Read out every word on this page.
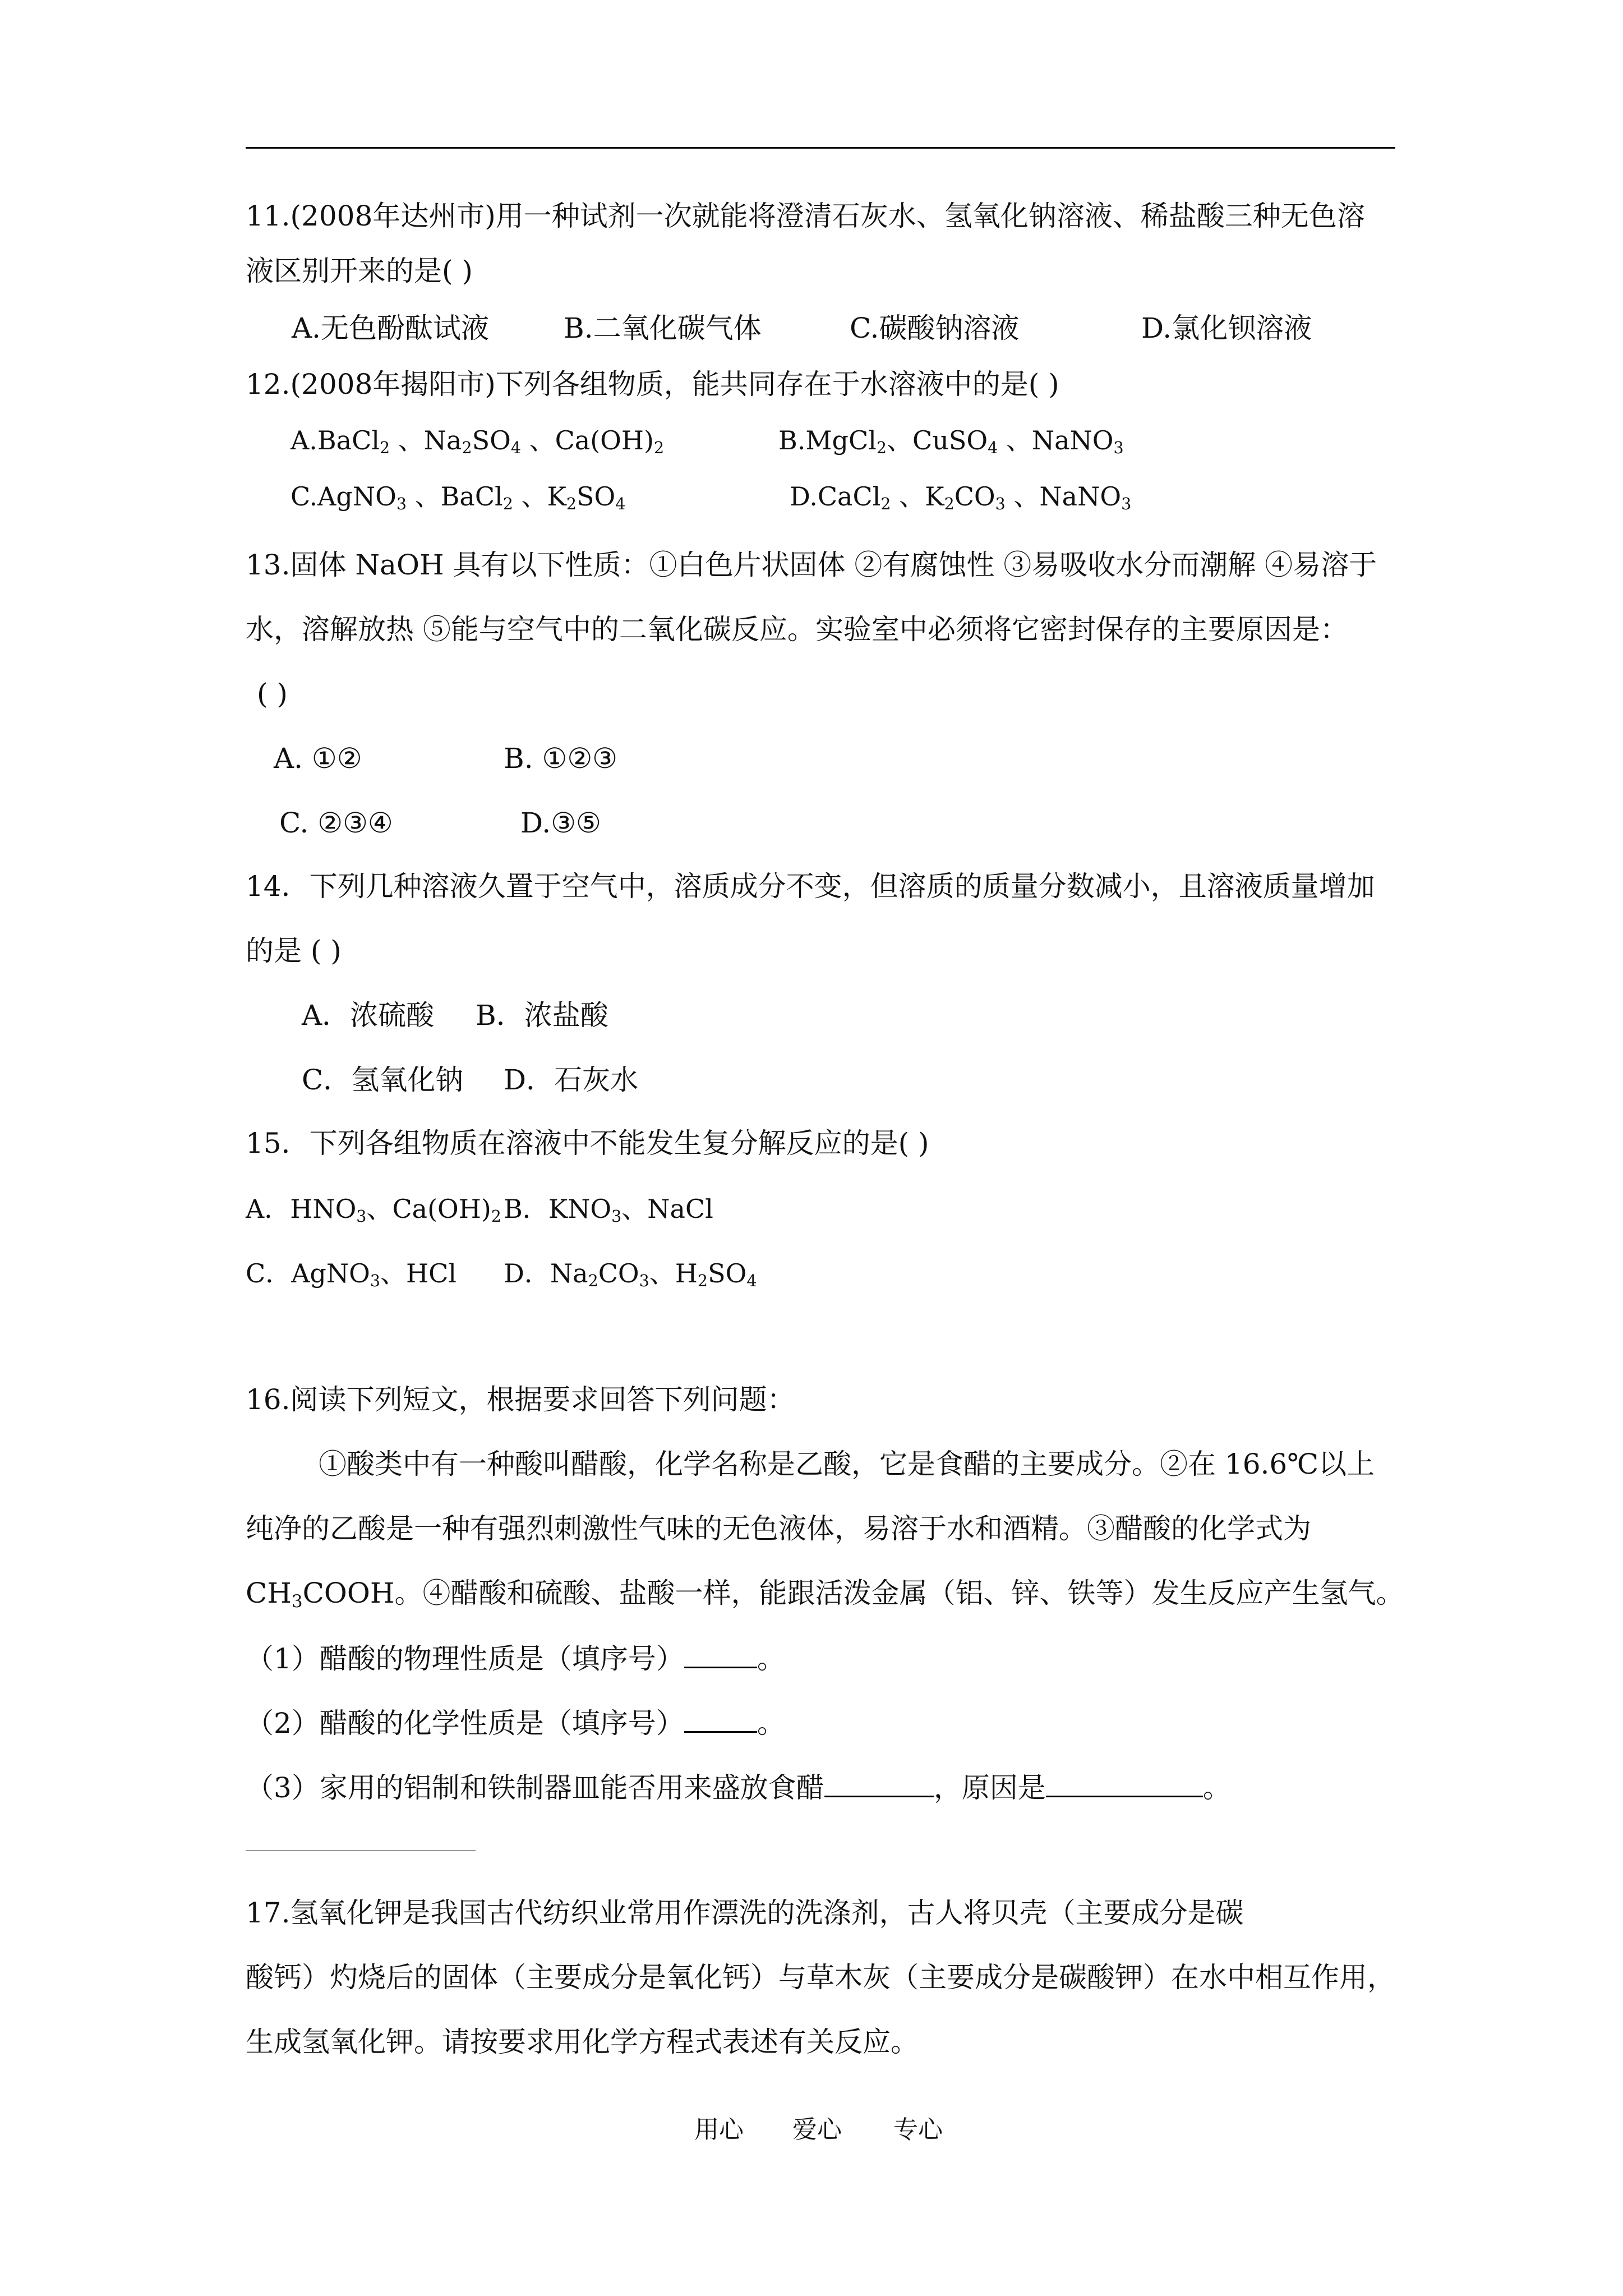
11.(2008年达州市)用一种试剂一次就能将澄清石灰水、氢氧化钠溶液、稀盐酸三种无色溶
液区别开来的是( )
A.无色酚酞试液	B.二氧化碳气体	C.碳酸钠溶液	D.氯化钡溶液
12.(2008年揭阳市)下列各组物质，能共同存在于水溶液中的是( )
A.BaCl$_2$ 、$Na_2SO_4$ 、$Ca(OH)_2$	B.MgCl$_2$、CuSO$_4$ 、NaNO$_3$
C.AgNO$_3$ 、BaCl$_2$ 、$K_2SO_4$	D.CaCl$_2$ 、$K_2CO_3$ 、NaNO$_3$
13.固体 NaOH 具有以下性质：①白色片状固体 ②有腐蚀性 ③易吸收水分而潮解 ④易溶于
水，溶解放热 ⑤能与空气中的二氧化碳反应。实验室中必须将它密封保存的主要原因是：
( )
A. ①②	B. ①②③
C. ②③④	D.③⑤
14．下列几种溶液久置于空气中，溶质成分不变，但溶质的质量分数减小，且溶液质量增加
的是 ( )
A．浓硫酸 B．浓盐酸
C．氢氧化钠 D．石灰水
15．下列各组物质在溶液中不能发生复分解反应的是( )
A．$HNO_3$、$Ca(OH)_2$ B．$KNO_3$、NaCl
C．AgNO$_3$、HCl D．$Na_2CO_3$、$H_2SO_4$
16.阅读下列短文，根据要求回答下列问题：
①酸类中有一种酸叫醋酸，化学名称是乙酸，它是食醋的主要成分。②在 16.6℃以上
纯净的乙酸是一种有强烈刺激性气味的无色液体，易溶于水和酒精。③醋酸的化学式为
$CH_3COOH$。④醋酸和硫酸、盐酸一样，能跟活泼金属（铝、锌、铁等）发生反应产生氢气。
（1）醋酸的物理性质是（填序号）	。
（2）醋酸的化学性质是（填序号）	。
（3）家用的铝制和铁制器皿能否用来盛放食醋	，原因是	。
17.氢氧化钾是我国古代纺织业常用作漂洗的洗涤剂，古人将贝壳（主要成分是碳
酸钙）灼烧后的固体（主要成分是氧化钙）与草木灰（主要成分是碳酸钾）在水中相互作用，
生成氢氧化钾。请按要求用化学方程式表述有关反应。
用心 爱心 专心
